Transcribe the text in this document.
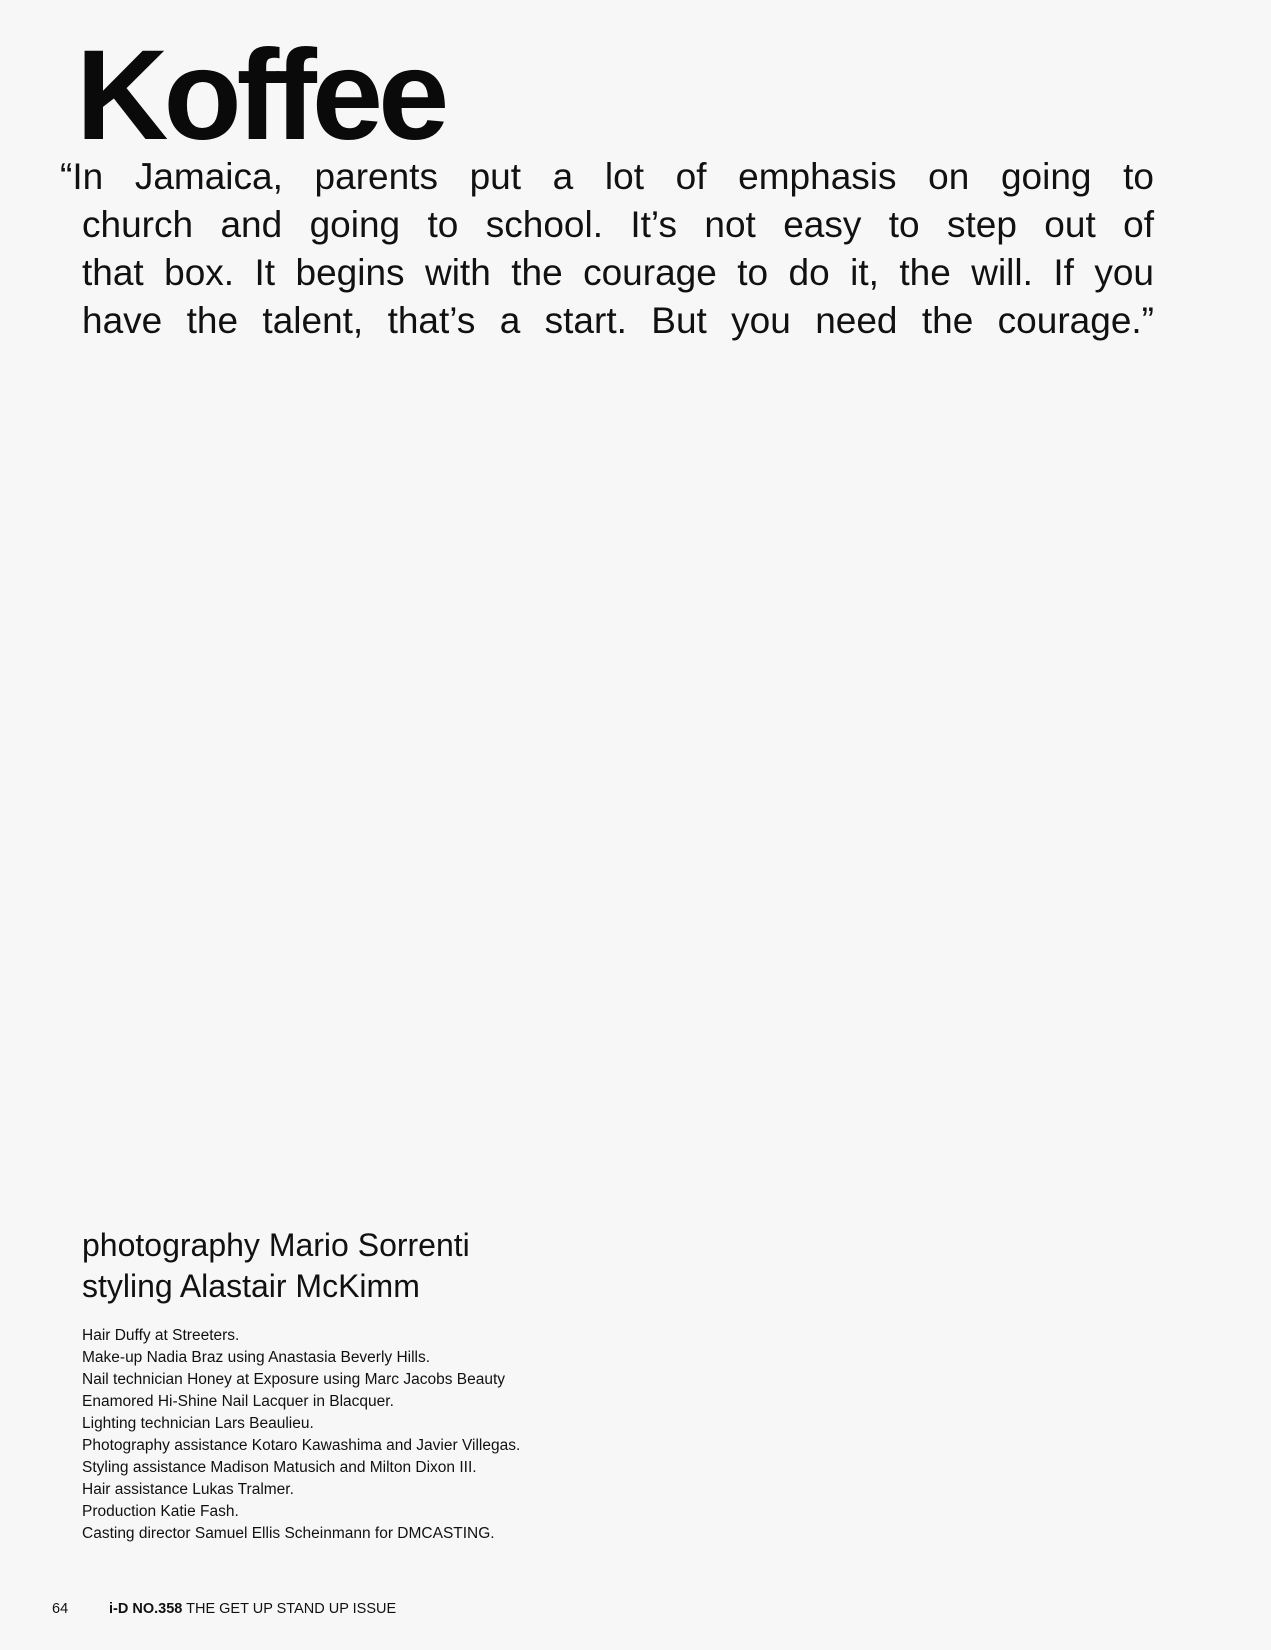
Koffee

“In Jamaica, parents put a lot of emphasis on going to
church and going to school. It’s not easy to step out of
that box. It begins with the courage to do it, the will. If you
have the talent, that’s a start. But you need the courage.”

photography Mario Sorrenti
styling Alastair McKimm
Hair Duffy at Streeters.
Make-up Nadia Braz using Anastasia Beverly Hills.
Nail technician Honey at Exposure using Marc Jacobs Beauty
Enamored Hi-Shine Nail Lacquer in Blacquer.
Lighting technician Lars Beaulieu.
Photography assistance Kotaro Kawashima and Javier Villegas.
Styling assistance Madison Matusich and Milton Dixon III.
Hair assistance Lukas Tralmer.
Production Katie Fash.
Casting director Samuel Ellis Scheinmann for DMCASTING.
64	i-D NO.358 THE GET UP STAND UP ISSUE
